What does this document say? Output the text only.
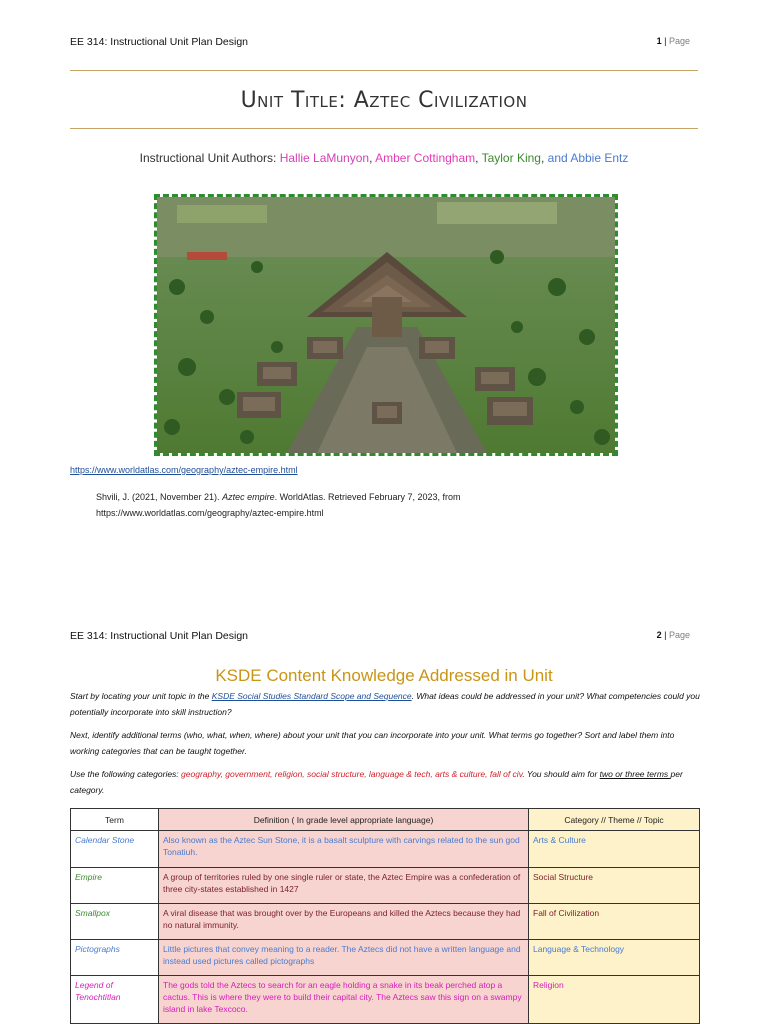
EE 314: Instructional Unit Plan Design	1 | Page
Unit Title: Aztec Civilization
Instructional Unit Authors: Hallie LaMunyon, Amber Cottingham, Taylor King, and Abbie Entz
https://www.worldatlas.com/geography/aztec-empire.html
Shvili, J. (2021, November 21). Aztec empire. WorldAtlas. Retrieved February 7, 2023, from
https://www.worldatlas.com/geography/aztec-empire.html
EE 314: Instructional Unit Plan Design	2 | Page
KSDE Content Knowledge Addressed in Unit
Start by locating your unit topic in the KSDE Social Studies Standard Scope and Sequence. What ideas could be addressed in your unit? What competencies could you potentially incorporate into skill instruction?
Next, identify additional terms (who, what, when, where) about your unit that you can incorporate into your unit. What terms go together? Sort and label them into working categories that can be taught together.
Use the following categories: geography, government, religion, social structure, language & tech, arts & culture, fall of civ. You should aim for two or three terms per category.
Term	Definition ( In grade level appropriate language)	Category // Theme // Topic
Calendar Stone	Also known as the Aztec Sun Stone, it is a basalt sculpture with carvings related to the sun god Tonatiuh.	Arts & Culture
Empire	A group of territories ruled by one single ruler or state, the Aztec Empire was a confederation of three city-states established in 1427	Social Structure
Smallpox	A viral disease that was brought over by the Europeans and killed the Aztecs because they had no natural immunity.	Fall of Civilization
Pictographs	Little pictures that convey meaning to a reader. The Aztecs did not have a written language and instead used pictures called pictographs	Language & Technology
Legend of Tenochtitlan	The gods told the Aztecs to search for an eagle holding a snake in its beak perched atop a cactus. This is where they were to build their capital city. The Aztecs saw this sign on a swampy island in lake Texcoco.	Religion
